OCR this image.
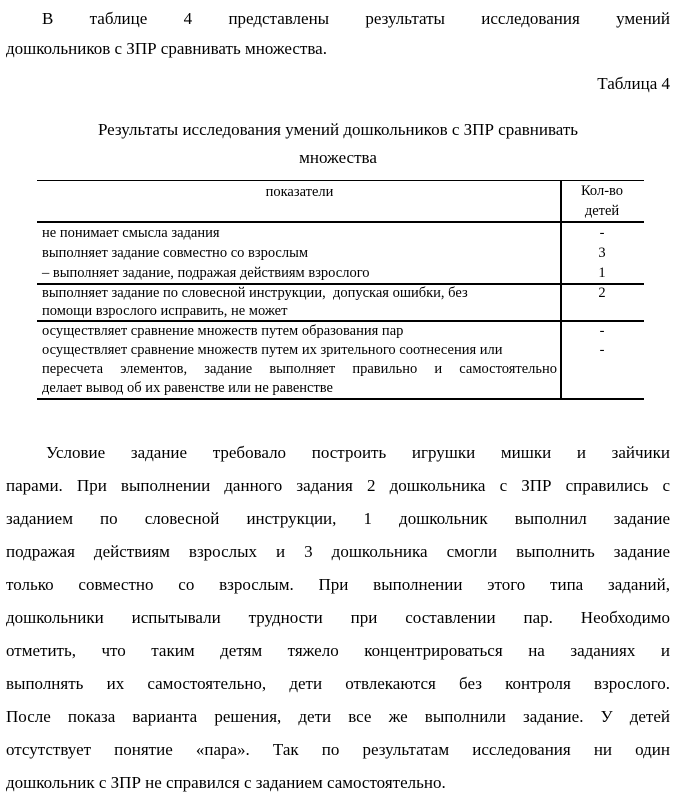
В таблице 4 представлены результаты исследования умений
дошкольников с ЗПР сравнивать множества.
Таблица 4
Результаты исследования умений дошкольников с ЗПР сравнивать
множества
показатели	Кол-во
детей
не понимает смысла задания
выполняет задание совместно со взрослым
– выполняет задание, подражая действиям взрослого
-
3
1
выполняет задание по словесной инструкции,  допуская ошибки, без
помощи взрослого исправить, не может
2
осуществляет сравнение множеств путем образования пар
осуществляет сравнение множеств путем их зрительного соотнесения или
пересчета элементов, задание выполняет правильно и самостоятельно
делает вывод об их равенстве или не равенстве
-
-
Условие задание требовало построить игрушки мишки и зайчики
парами. При выполнении данного задания 2 дошкольника с ЗПР справились с
заданием по словесной инструкции, 1 дошкольник выполнил задание
подражая действиям взрослых и 3 дошкольника смогли выполнить задание
только совместно со взрослым. При выполнении этого типа заданий,
дошкольники испытывали трудности при составлении пар. Необходимо
отметить, что таким детям тяжело концентрироваться на заданиях и
выполнять их самостоятельно, дети отвлекаются без контроля взрослого.
После показа варианта решения, дети все же выполнили задание. У детей
отсутствует понятие «пара». Так по результатам исследования ни один
дошкольник с ЗПР не справился с заданием самостоятельно.
